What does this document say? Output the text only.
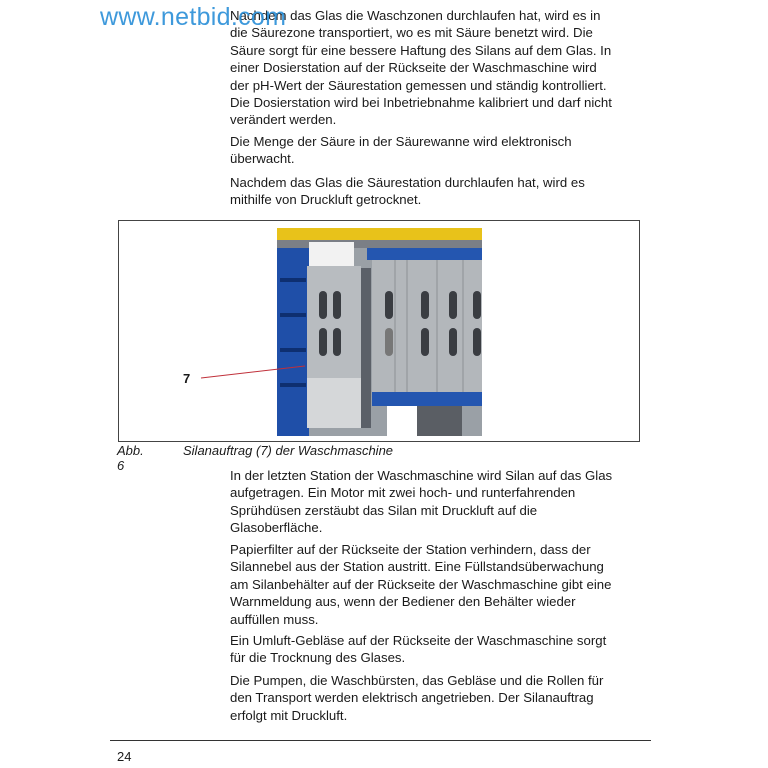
Nachdem das Glas die Waschzonen durchlaufen hat, wird es in
die Säurezone transportiert, wo es mit Säure benetzt wird. Die
Säure sorgt für eine bessere Haftung des Silans auf dem Glas. In
einer Dosierstation auf der Rückseite der Waschmaschine wird
der pH-Wert der Säurestation gemessen und ständig kontrolliert.
Die Dosierstation wird bei Inbetriebnahme kalibriert und darf nicht
verändert werden.
Die Menge der Säure in der Säurewanne wird elektronisch
überwacht.
Nachdem das Glas die Säurestation durchlaufen hat, wird es
mithilfe von Druckluft getrocknet.
www.netbid.com
7
Abb. 6
Silanauftrag (7) der Waschmaschine
In der letzten Station der Waschmaschine wird Silan auf das Glas
aufgetragen. Ein Motor mit zwei hoch- und runterfahrenden
Sprühdüsen zerstäubt das Silan mit Druckluft auf die
Glasoberfläche.
Papierfilter auf der Rückseite der Station verhindern, dass der
Silannebel aus der Station austritt. Eine Füllstandsüberwachung
am Silanbehälter auf der Rückseite der Waschmaschine gibt eine
Warnmeldung aus, wenn der Bediener den Behälter wieder
auffüllen muss.
Ein Umluft-Gebläse auf der Rückseite der Waschmaschine sorgt
für die Trocknung des Glases.
Die Pumpen, die Waschbürsten, das Gebläse und die Rollen für
den Transport werden elektrisch angetrieben. Der Silanauftrag
erfolgt mit Druckluft.
24
